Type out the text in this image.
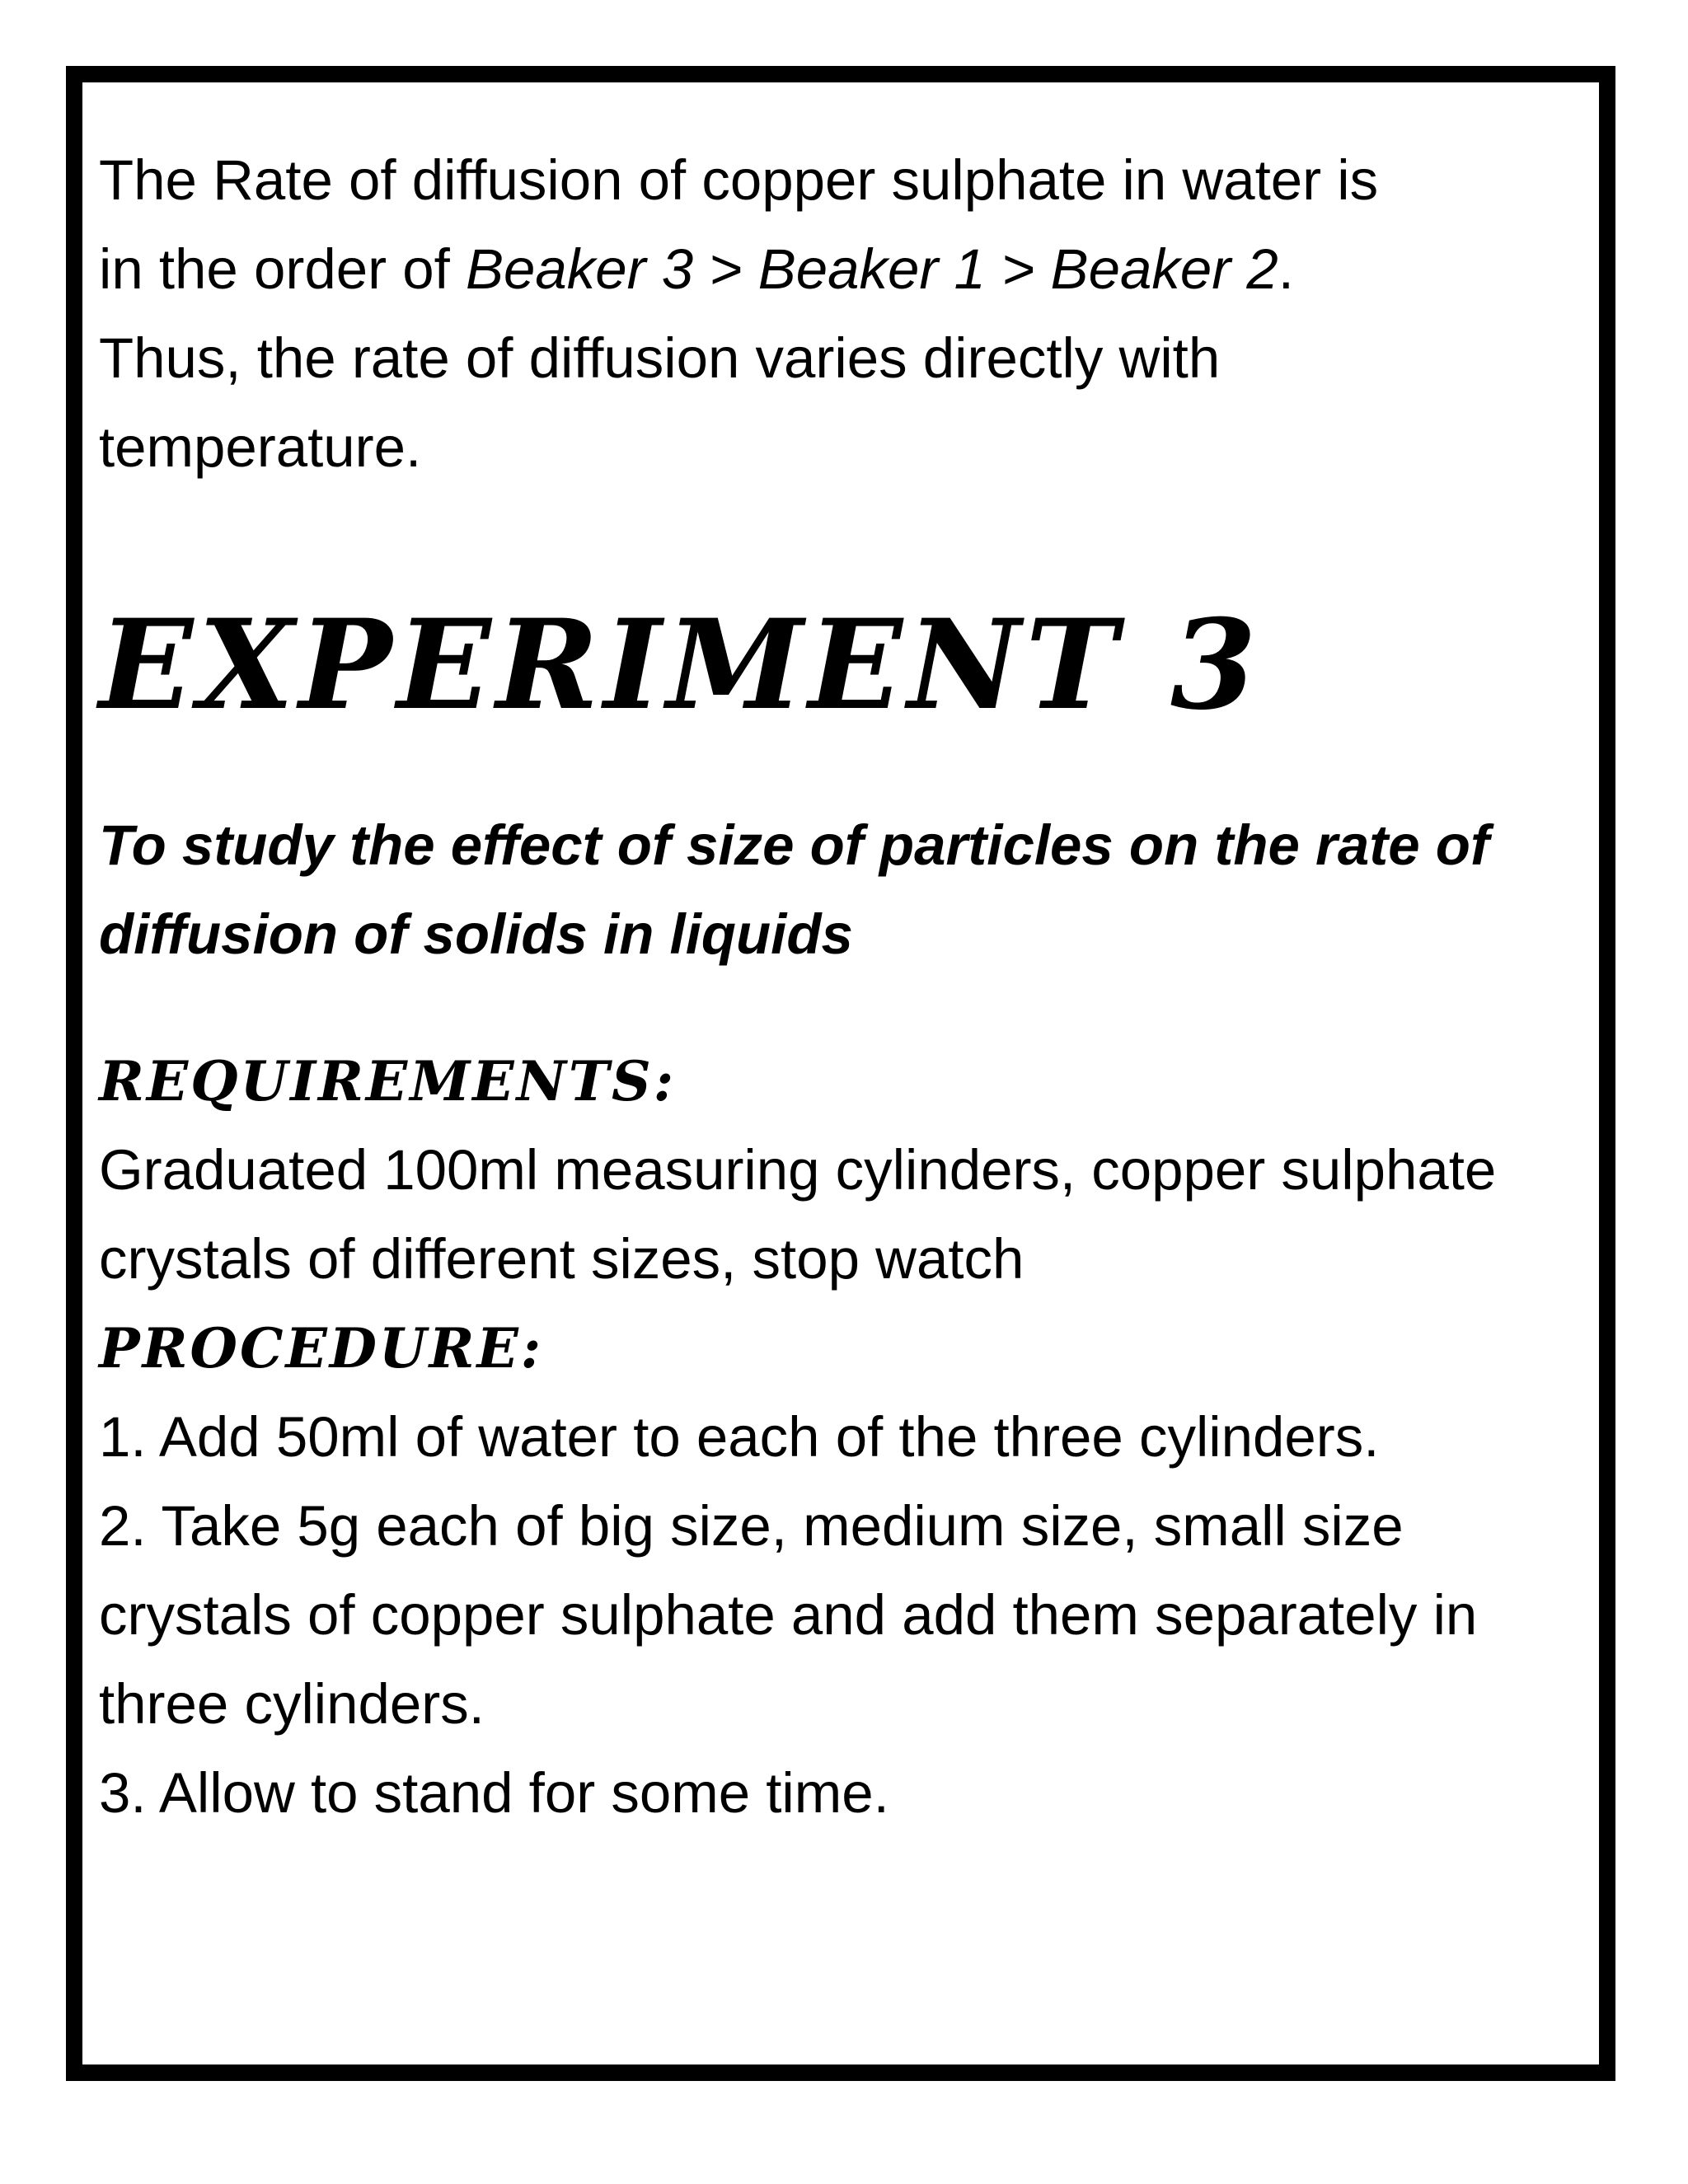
The Rate of diffusion of copper sulphate in water is
in the order of Beaker 3 > Beaker 1 > Beaker 2.
Thus, the rate of diffusion varies directly with
temperature.

EXPERIMENT 3

To study the effect of size of particles on the rate of diffusion of solids in liquids

REQUIREMENTS:

Graduated 100ml measuring cylinders, copper sulphate crystals of different sizes, stop watch

PROCEDURE:

1. Add 50ml of water to each of the three cylinders.

2. Take 5g each of big size, medium size, small size crystals of copper sulphate and add them separately in three cylinders.

3. Allow to stand for some time.
